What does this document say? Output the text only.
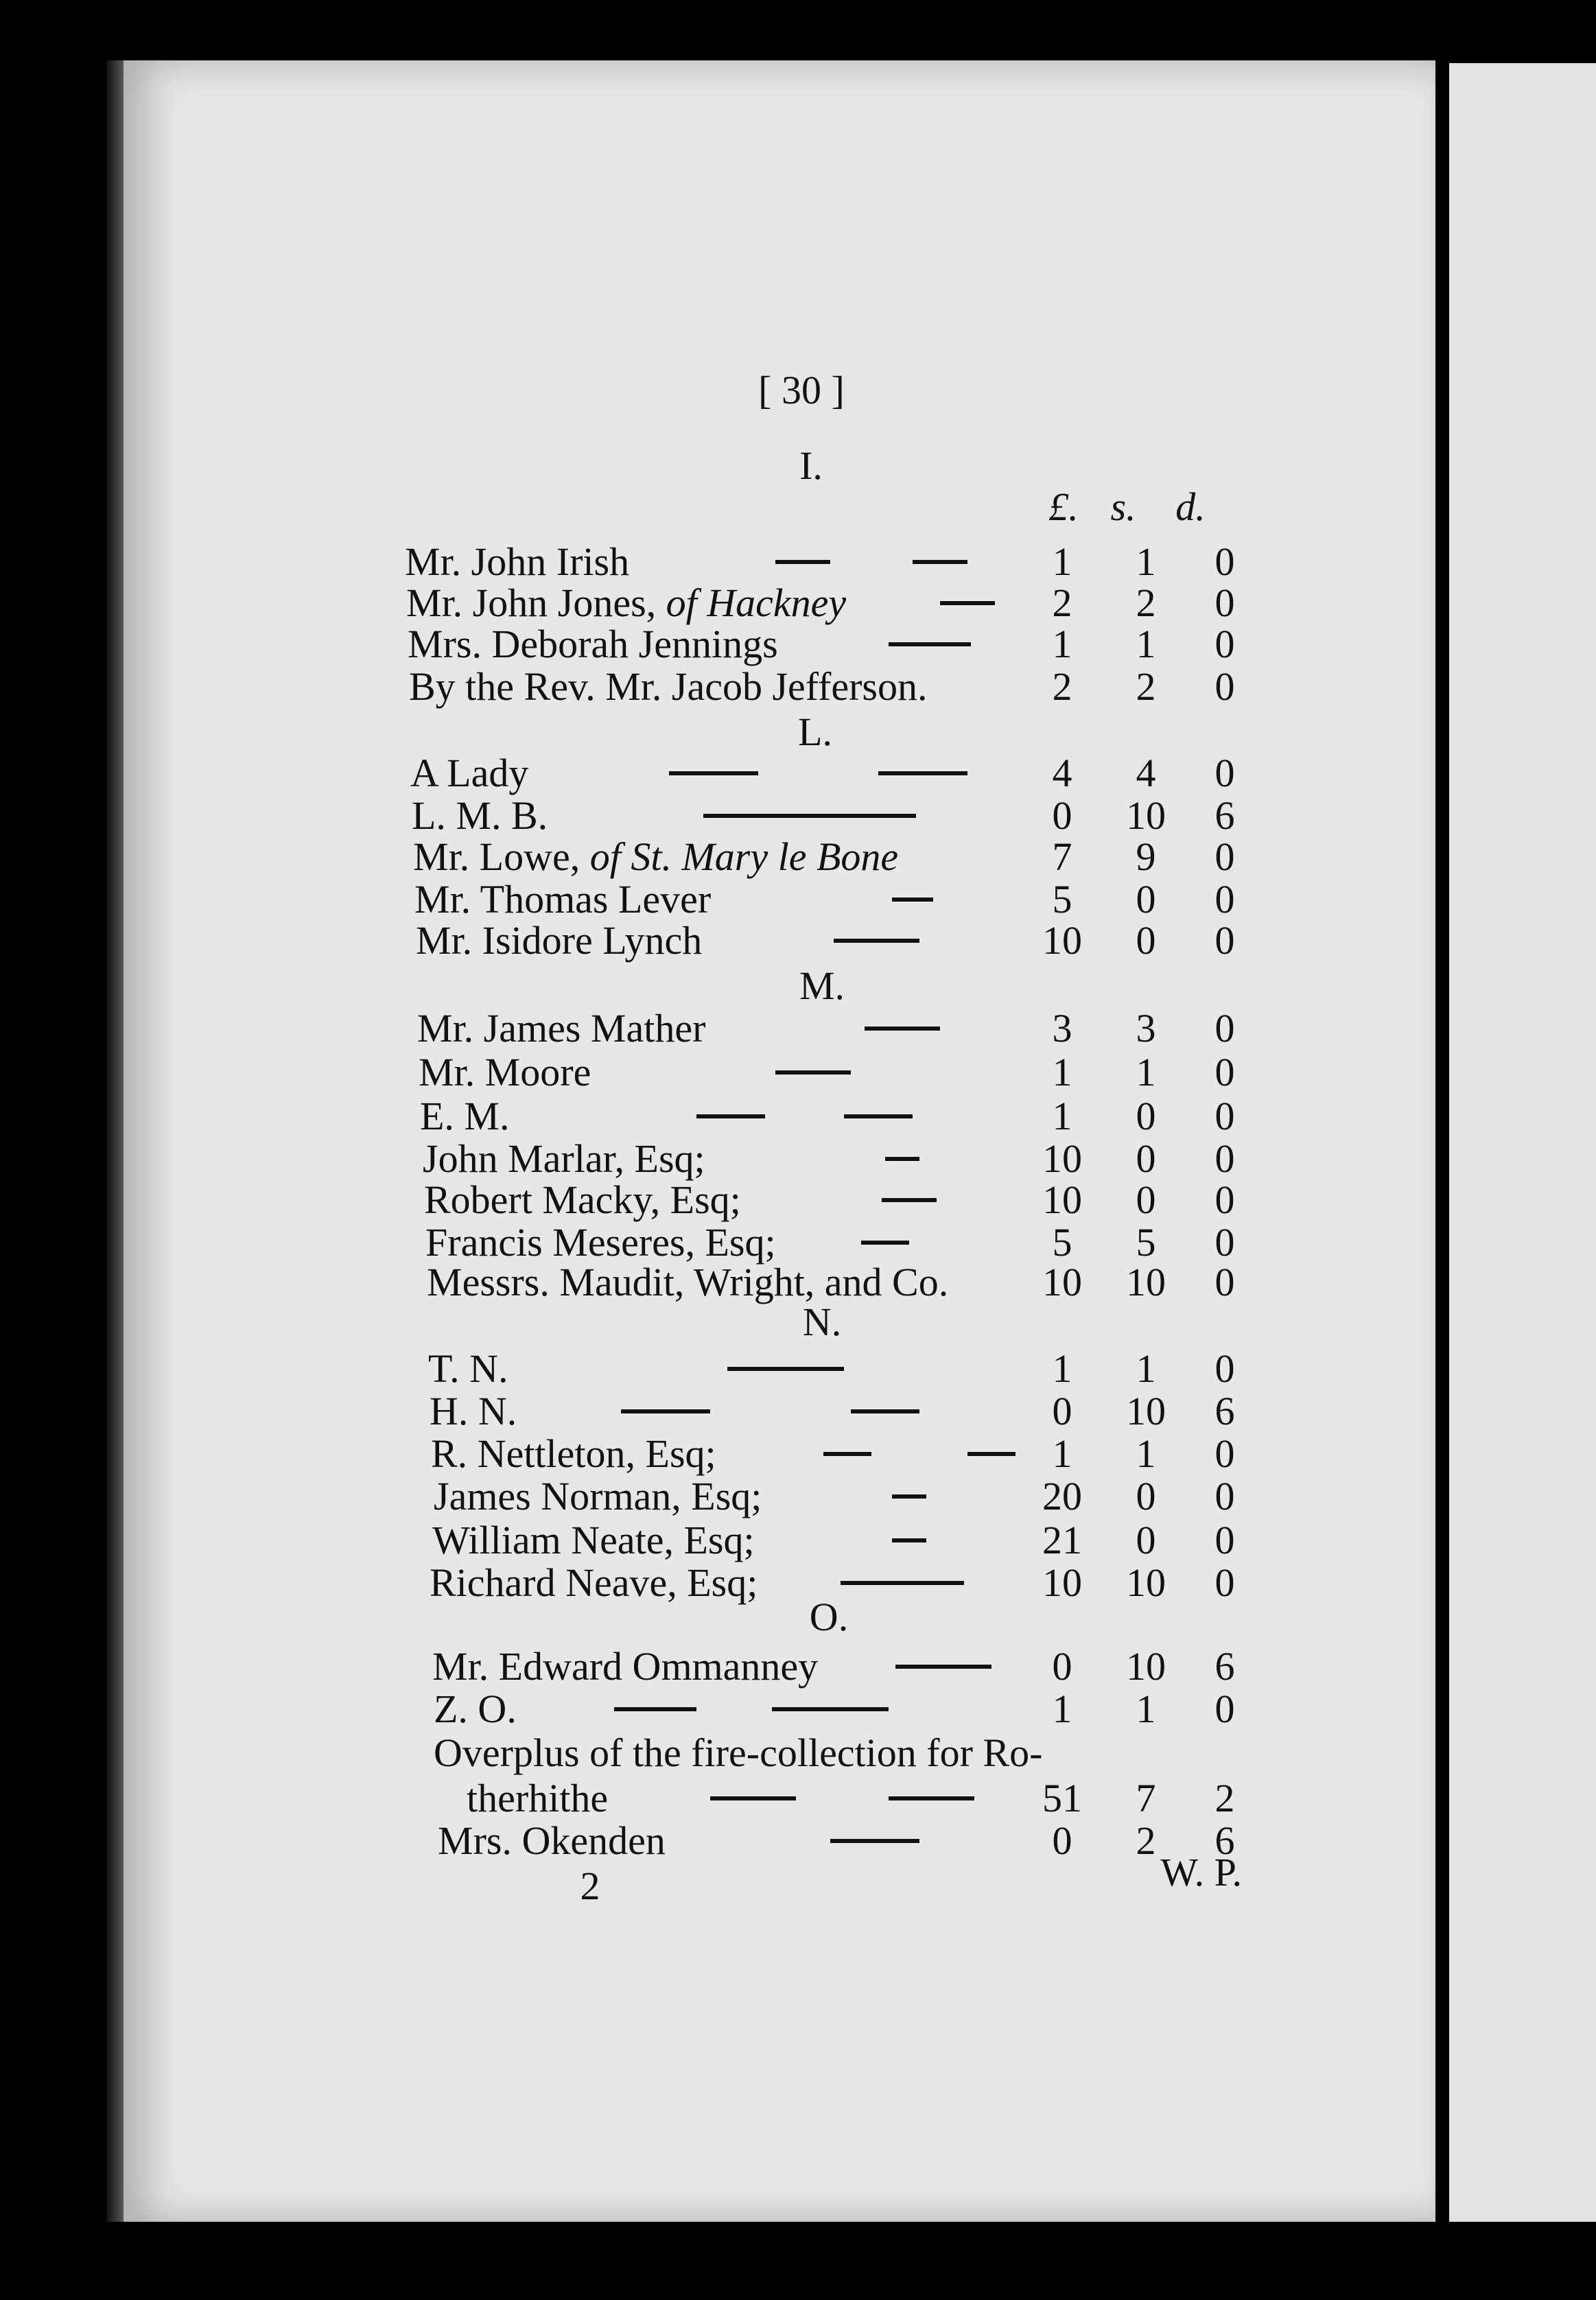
[ 30 ]
£. s. d.
I.
Mr. John Irish	1 1 0
Mr. John Jones, of Hackney	2 2 0
Mrs. Deborah Jennings	1 1 0
By the Rev. Mr. Jacob Jefferson.	2 2 0
L.
A Lady	4 4 0
L. M. B.	0 10 6
Mr. Lowe, of St. Mary le Bone	7 9 0
Mr. Thomas Lever	5 0 0
Mr. Isidore Lynch	10 0 0
M.
Mr. James Mather	3 3 0
Mr. Moore	1 1 0
E. M.	1 0 0
John Marlar, Esq;	10 0 0
Robert Macky, Esq;	10 0 0
Francis Meseres, Esq;	5 5 0
Messrs. Maudit, Wright, and Co. 10 10 0
N.
T. N.	1 1 0
H. N.	0 10 6
R. Nettleton, Esq;	1 1 0
James Norman, Esq;	20 0 0
William Neate, Esq;	21 0 0
Richard Neave, Esq;	10 10 0
O.
Mr. Edward Ommanney	0 10 6
Z. O.	1 1 0
Overplus of the fire-collection for Ro-
therhithe	51 7 2
Mrs. Okenden	0 2 6
2	W. P.
